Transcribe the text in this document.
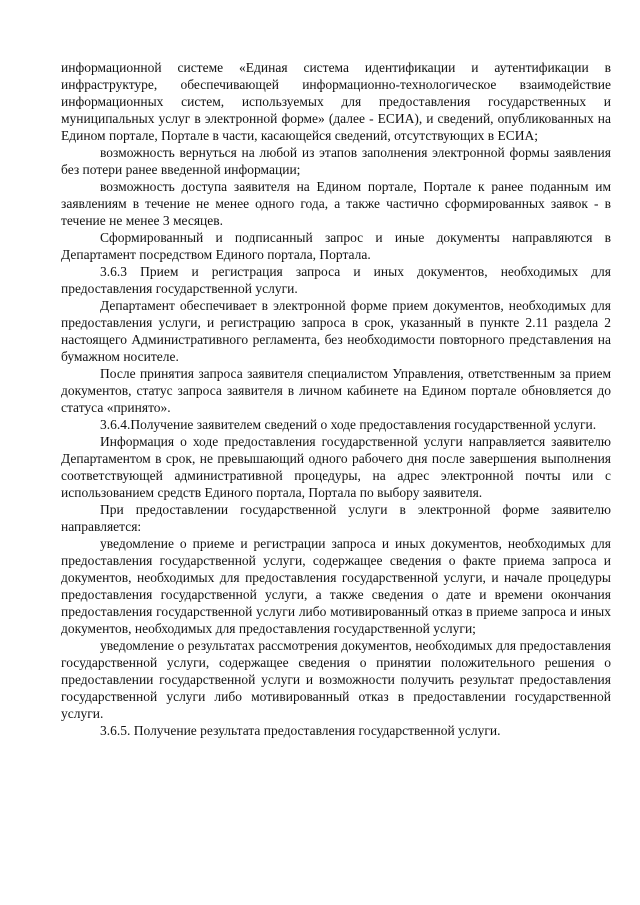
информационной системе «Единая система идентификации и аутентификации в инфраструктуре, обеспечивающей информационно-технологическое взаимодействие информационных систем, используемых для предоставления государственных и муниципальных услуг в электронной форме» (далее - ЕСИА), и сведений, опубликованных на Едином портале, Портале в части, касающейся сведений, отсутствующих в ЕСИА;

возможность вернуться на любой из этапов заполнения электронной формы заявления без потери ранее введенной информации;

возможность доступа заявителя на Едином портале, Портале к ранее поданным им заявлениям в течение не менее одного года, а также частично сформированных заявок - в течение не менее 3 месяцев.

Сформированный и подписанный запрос и иные документы направляются в Департамент посредством Единого портала, Портала.

3.6.3 Прием и регистрация запроса и иных документов, необходимых для предоставления государственной услуги.

Департамент обеспечивает в электронной форме прием документов, необходимых для предоставления услуги, и регистрацию запроса в срок, указанный в пункте 2.11 раздела 2 настоящего Административного регламента, без необходимости повторного представления на бумажном носителе.

После принятия запроса заявителя специалистом Управления, ответственным за прием документов, статус запроса заявителя в личном кабинете на Едином портале обновляется до статуса «принято».

3.6.4.Получение заявителем сведений о ходе предоставления государственной услуги.

Информация о ходе предоставления государственной услуги направляется заявителю Департаментом в срок, не превышающий одного рабочего дня после завершения выполнения соответствующей административной процедуры, на адрес электронной почты или с использованием средств Единого портала, Портала по выбору заявителя.

При предоставлении государственной услуги в электронной форме заявителю направляется:

уведомление о приеме и регистрации запроса и иных документов, необходимых для предоставления государственной услуги, содержащее сведения о факте приема запроса и документов, необходимых для предоставления государственной услуги, и начале процедуры предоставления государственной услуги, а также сведения о дате и времени окончания предоставления государственной услуги либо мотивированный отказ в приеме запроса и иных документов, необходимых для предоставления государственной услуги;

уведомление о результатах рассмотрения документов, необходимых для предоставления государственной услуги, содержащее сведения о принятии положительного решения о предоставлении государственной услуги и возможности получить результат предоставления государственной услуги либо мотивированный отказ в предоставлении государственной услуги.

3.6.5. Получение результата предоставления государственной услуги.
